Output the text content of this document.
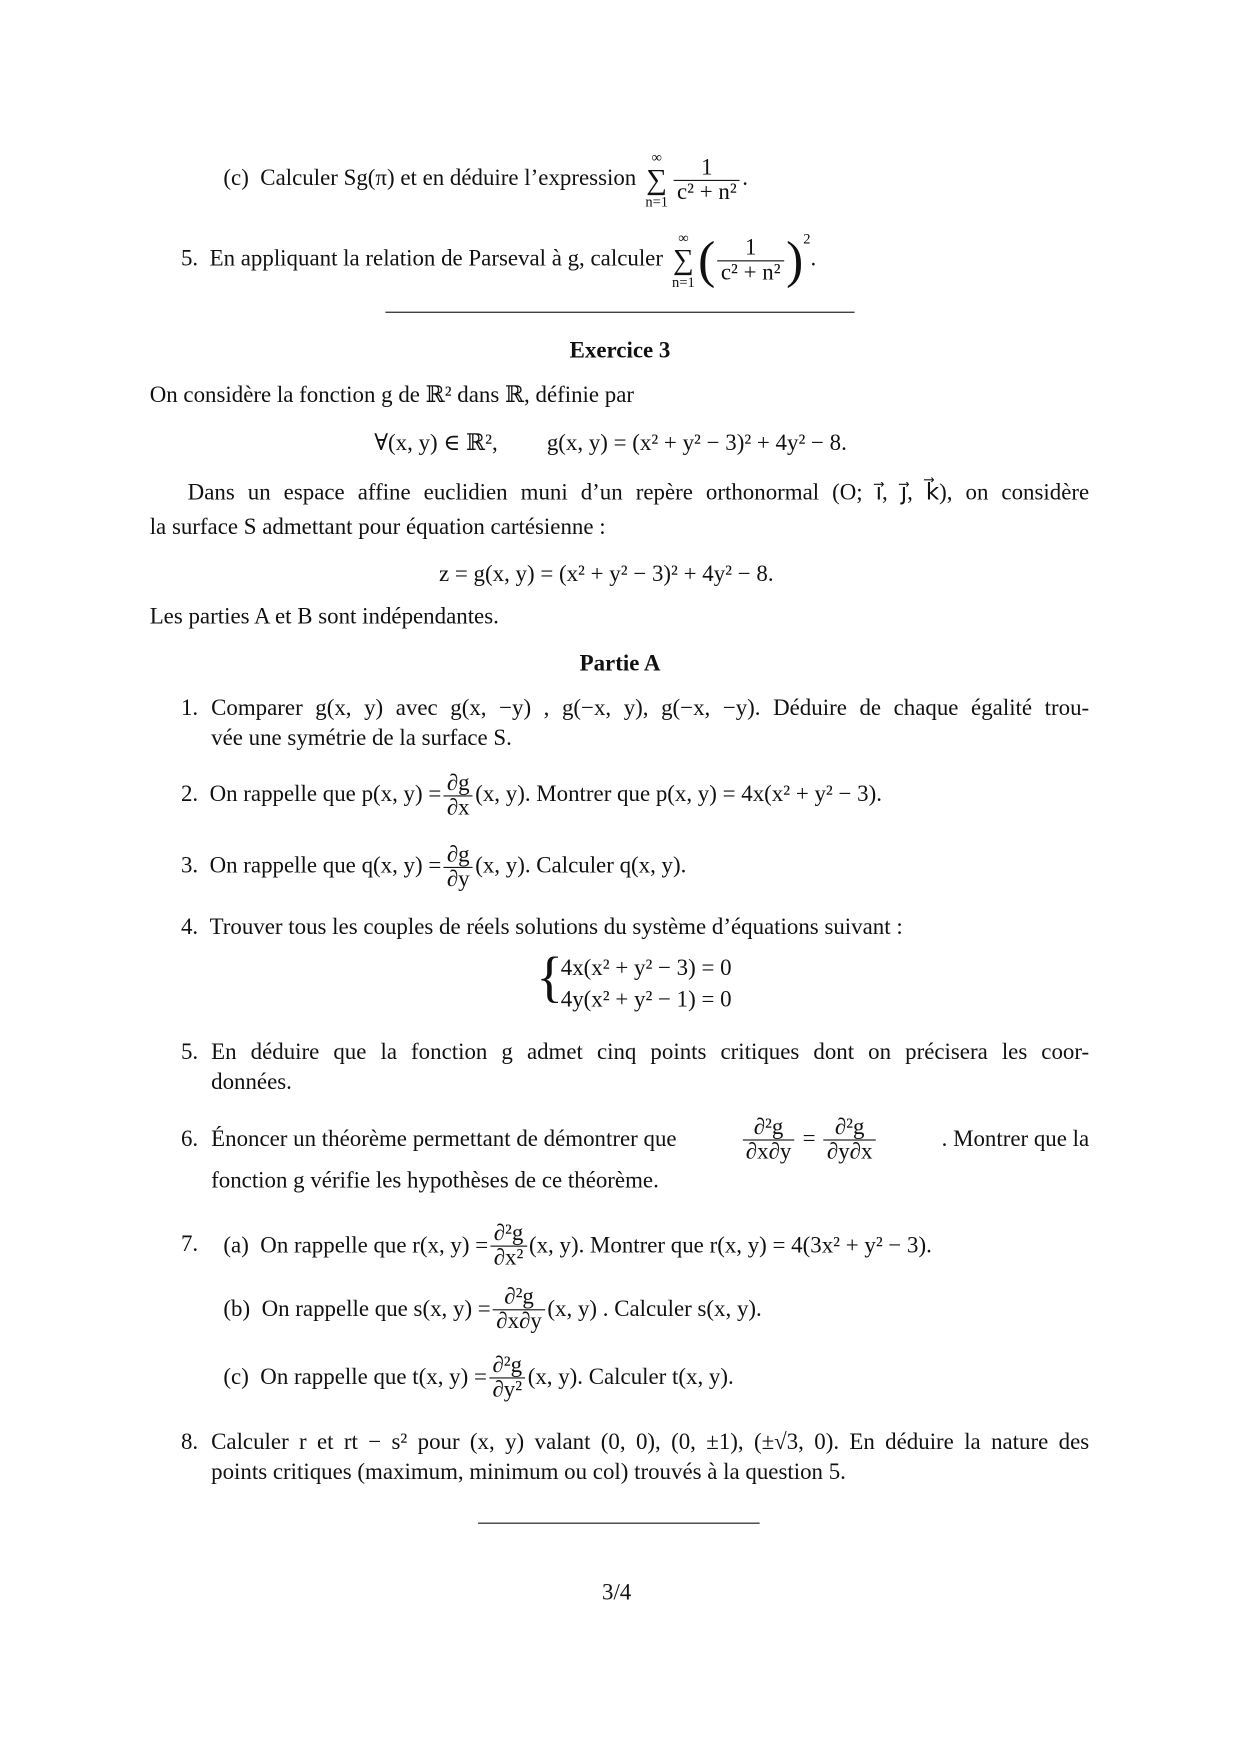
(c) Calculer Sg(π) et en déduire l’expression
∞
∑
$n=1 \frac{1}{\text{c² + n²}}$ .
5. En appliquant la relation de Parseval à g, calculer
∞
∑
n=1 ( $\frac{1}{\text{c² + n²}} )^2$.
Exercice 3
On considère la fonction g de ℝ² dans ℝ, définie par
∀(x, y) ∈ ℝ², g(x, y) = (x² + y² − 3)² + 4y² − 8.
Dans un espace affine euclidien muni d’un repère orthonormal (O; i⃗, j⃗, k⃗), on considère
la surface S admettant pour équation cartésienne :
z = g(x, y) = (x² + y² − 3)² + 4y² − 8.
Les parties A et B sont indépendantes.
Partie A
1. Comparer g(x, y) avec g(x, −y) , g(−x, y), g(−x, −y). Déduire de chaque égalité trou-
vée une symétrie de la surface S.
2. On rappelle que p(x, $y) = \frac{\partial g}{\partial x} (x$, y). Montrer que p(x, y) = 4x(x² + y² − 3).
3. On rappelle que q(x, $y) = \frac{\partial g}{\partial y} (x$, y). Calculer q(x, y).
4. Trouver tous les couples de réels solutions du système d’équations suivant :
{
4x(x² + y² − 3) = 0
4y(x² + y² − 1) = 0
5. En déduire que la fonction g admet cinq points critiques dont on précisera les coor-
données.
6. Énoncer un théorème permettant de démontrer que	$\frac{\text{∂²g}}{\partial x\partial y} = \frac{\text{∂²g}}{\partial y\partial x}$	. Montrer que la
fonction g vérifie les hypothèses de ce théorème.
7. (a)
On rappelle que r(x, $y) = \frac{\text{∂²g}}{\text{∂x²}} (x$, y). Montrer que r(x, y) = 4(3x² + y² − 3).
(b)
On rappelle que s(x, $y) = \frac{\text{∂²g}}{\partial x\partial y} (x$, y) . Calculer s(x, y).
(c)
On rappelle que t(x, $y) = \frac{\text{∂²g}}{\text{∂y²}} (x$, y). Calculer t(x, y).
8. Calculer r et rt − s² pour (x, y) valant (0, 0), (0, ±1), (±√3, 0). En déduire la nature des
points critiques (maximum, minimum ou col) trouvés à la question 5.
3/4
